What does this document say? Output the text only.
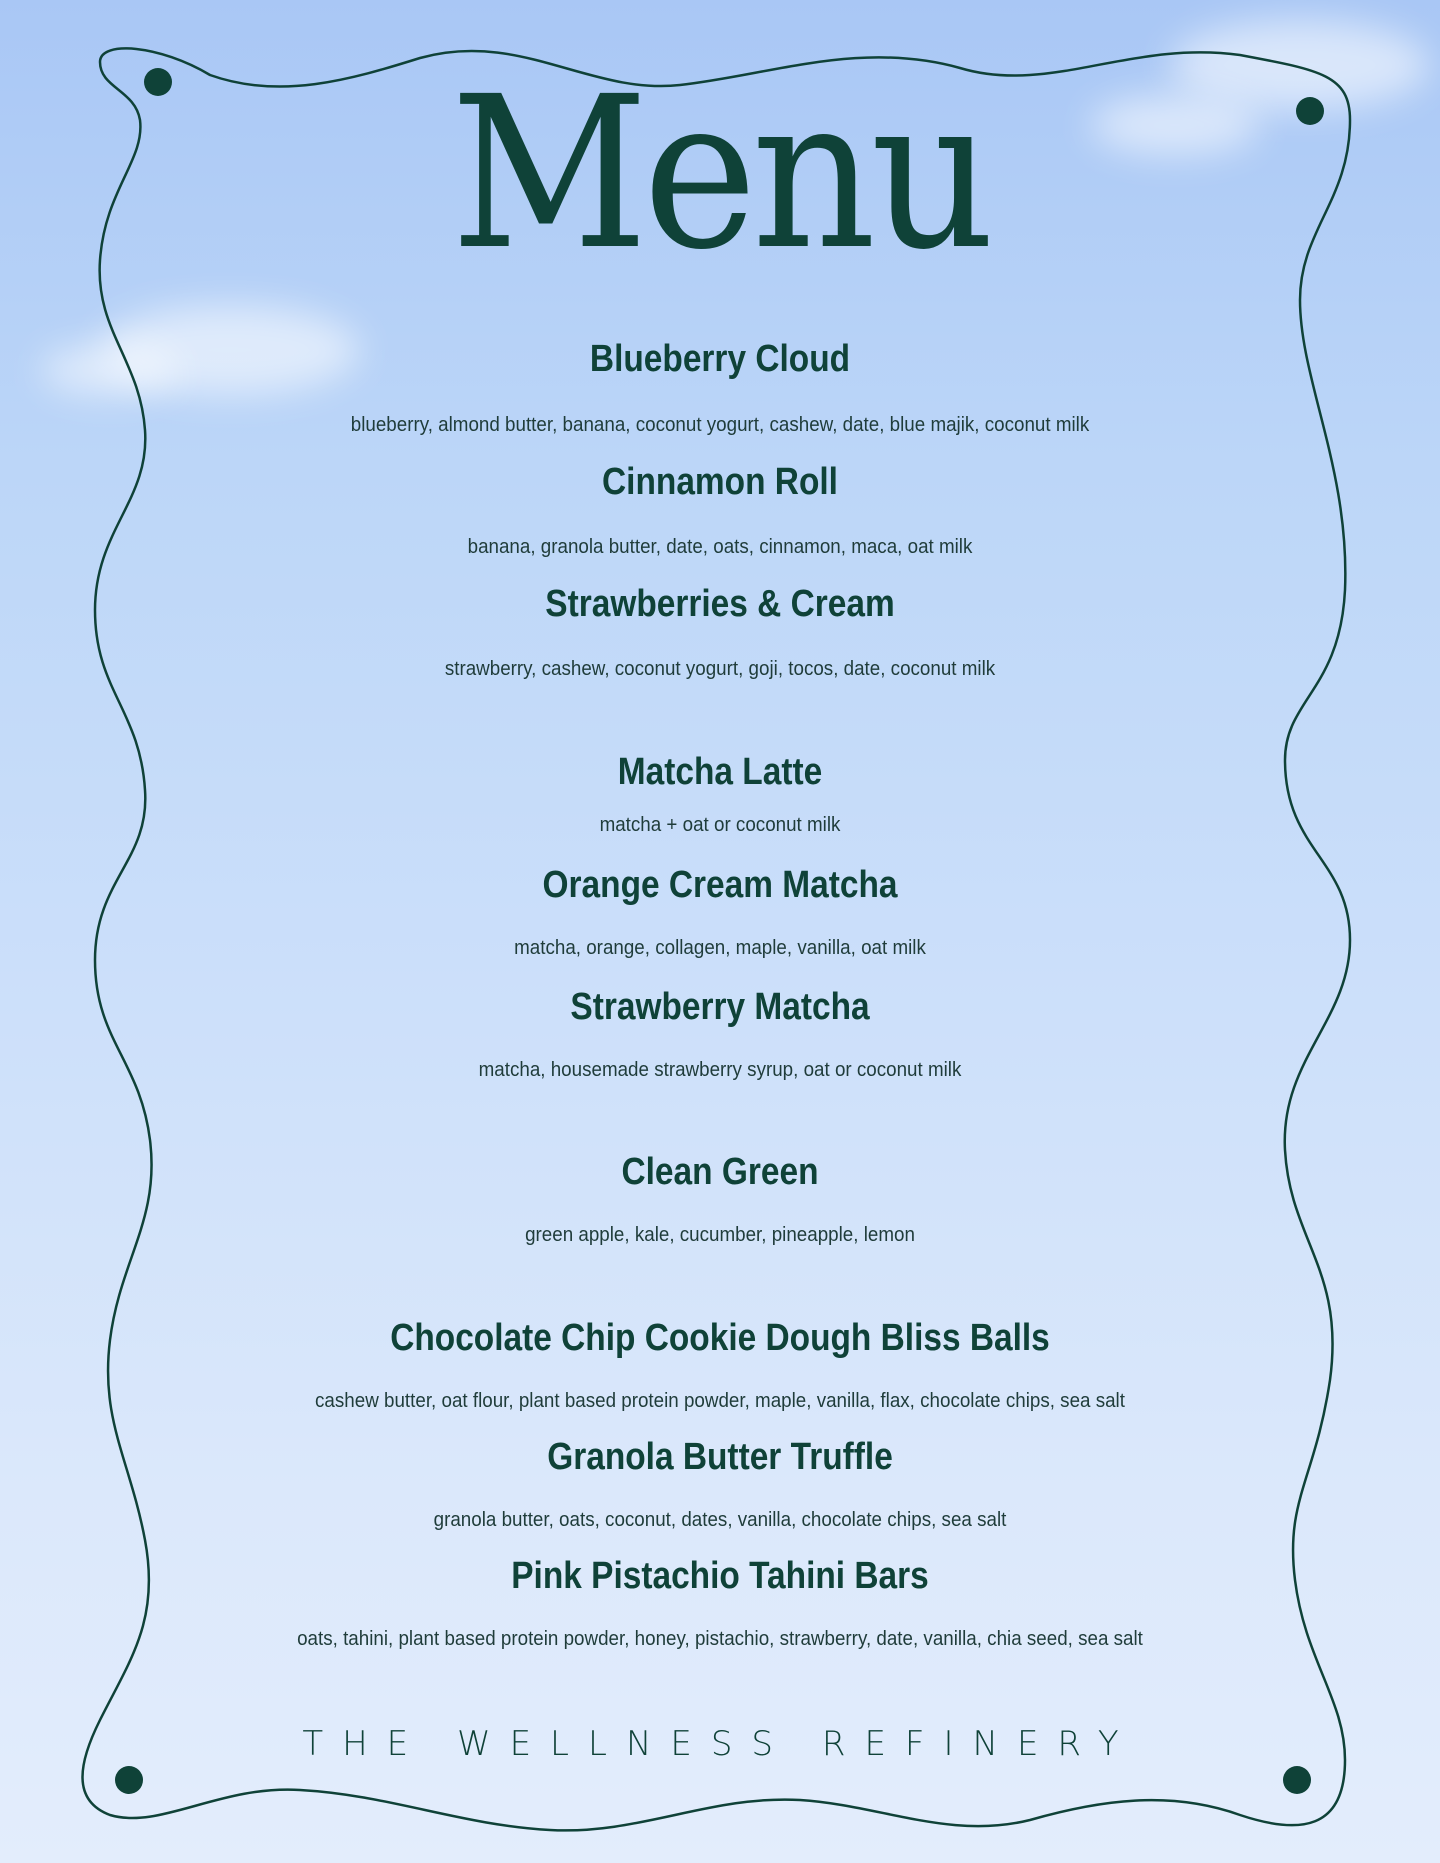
Menu
Blueberry Cloud

blueberry, almond butter, banana, coconut yogurt, cashew, date, blue majik, coconut milk

Cinnamon Roll

banana, granola butter, date, oats, cinnamon, maca, oat milk

Strawberries & Cream

strawberry, cashew, coconut yogurt, goji, tocos, date, coconut milk

Matcha Latte

matcha + oat or coconut milk

Orange Cream Matcha

matcha, orange, collagen, maple, vanilla, oat milk

Strawberry Matcha

matcha, housemade strawberry syrup, oat or coconut milk

Clean Green

green apple, kale, cucumber, pineapple, lemon

Chocolate Chip Cookie Dough Bliss Balls

cashew butter, oat flour, plant based protein powder, maple, vanilla, flax, chocolate chips, sea salt

Granola Butter Truffle

granola butter, oats, coconut, dates, vanilla, chocolate chips, sea salt

Pink Pistachio Tahini Bars

oats, tahini, plant based protein powder, honey, pistachio, strawberry, date, vanilla, chia seed, sea salt

THE WELLNESS REFINERY
